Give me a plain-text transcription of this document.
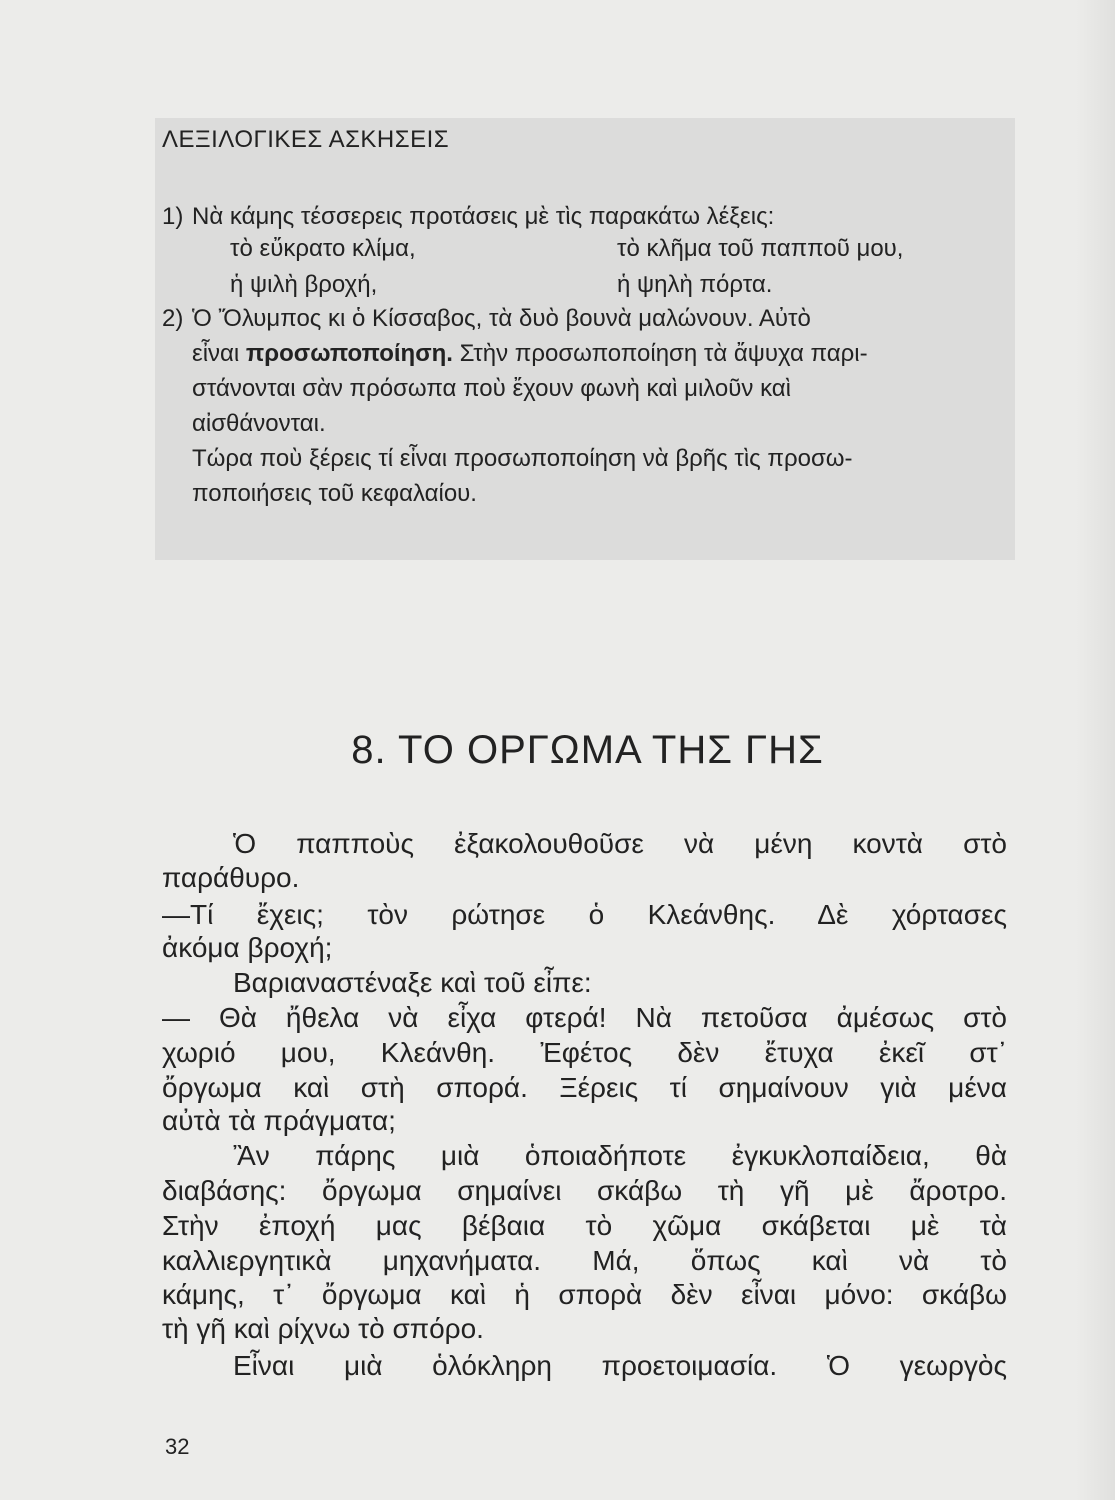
ΛΕΞΙΛΟΓΙΚΕΣ ΑΣΚΗΣΕΙΣ

1) Νὰ κάμης τέσσερεις προτάσεις μὲ τὶς παρακάτω λέξεις:

τὸ εὔκρατο κλίμα,	τὸ κλῆμα τοῦ παπποῦ μου,

ἡ ψιλὴ βροχή,	ἡ ψηλὴ πόρτα.

2) Ὁ Ὄλυμπος κι ὁ Κίσσαβος, τὰ δυὸ βουνὰ μαλώνουν. Αὐτὸ

εἶναι προσωποποίηση. Στὴν προσωποποίηση τὰ ἄψυχα παρι-

στάνονται σὰν πρόσωπα ποὺ ἔχουν φωνὴ καὶ μιλοῦν καὶ

αἰσθάνονται.

Τώρα ποὺ ξέρεις τί εἶναι προσωποποίηση νὰ βρῆς τὶς προσω-

ποποιήσεις τοῦ κεφαλαίου.

8. ΤΟ ΟΡΓΩΜΑ ΤΗΣ ΓΗΣ

Ὁ παπποὺς ἐξακολουθοῦσε νὰ μένη κοντὰ στὸ

παράθυρο.

—Τί ἔχεις; τὸν ρώτησε ὁ Κλεάνθης. Δὲ χόρτασες

ἀκόμα βροχή;

Βαριαναστέναξε καὶ τοῦ εἶπε:

— Θὰ ἤθελα νὰ εἶχα φτερά! Νὰ πετοῦσα ἀμέσως στὸ

χωριό μου, Κλεάνθη. Ἐφέτος δὲν ἔτυχα ἐκεῖ στ᾽

ὄργωμα καὶ στὴ σπορά. Ξέρεις τί σημαίνουν γιὰ μένα

αὐτὰ τὰ πράγματα;

Ἂν πάρης μιὰ ὁποιαδήποτε ἐγκυκλοπαίδεια, θὰ

διαβάσης: ὄργωμα σημαίνει σκάβω τὴ γῆ μὲ ἄροτρο.

Στὴν ἐποχή μας βέβαια τὸ χῶμα σκάβεται μὲ τὰ

καλλιεργητικὰ μηχανήματα. Μά, ὅπως καὶ νὰ τὸ

κάμης, τ᾽ ὄργωμα καὶ ἡ σπορὰ δὲν εἶναι μόνο: σκάβω

τὴ γῆ καὶ ρίχνω τὸ σπόρο.

Εἶναι μιὰ ὁλόκληρη προετοιμασία. Ὁ γεωργὸς

32
